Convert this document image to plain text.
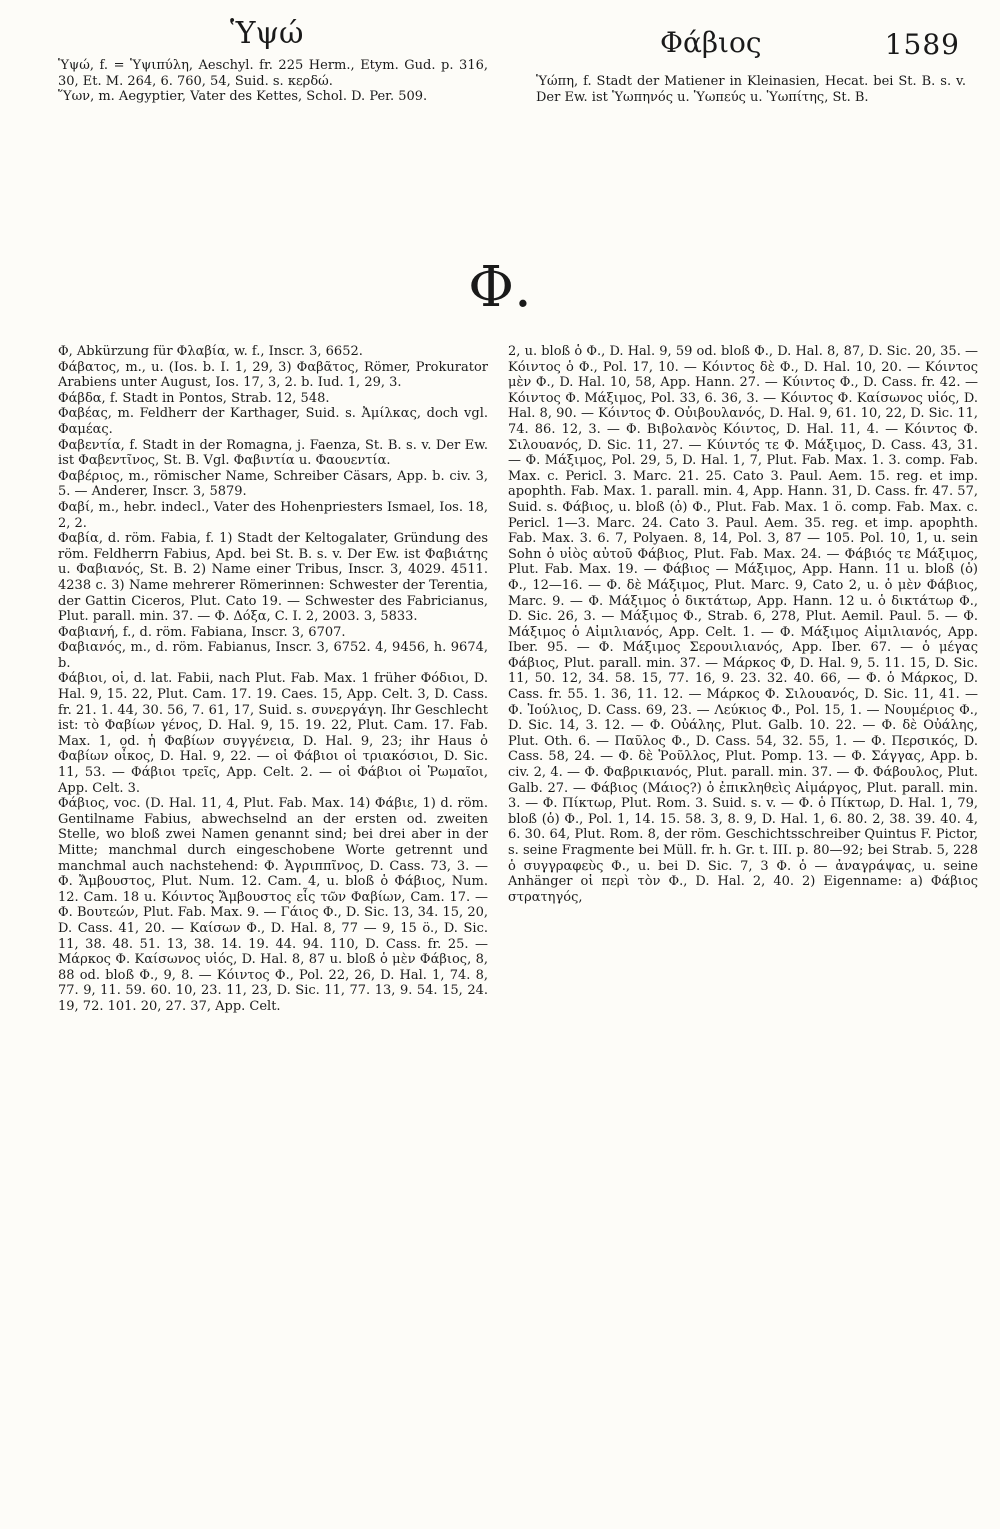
Ὑψώ	Φάβιος	1589

Ὑψώ, f. = Ὑψιπύλη, Aeschyl. fr. 225 Herm., Etym. Gud. p. 316, 30, Et. M. 264, 6. 760, 54, Suid. s. κερδώ.

Ὕων, m. Aegyptier, Vater des Kettes, Schol. D. Per. 509.

Ὑώπη, f. Stadt der Matiener in Kleinasien, Hecat. bei St. B. s. v. Der Ew. ist Ὑωπηνός u. Ὑωπεύς u. Ὑωπίτης, St. B.

Φ.

Φ, Abkürzung für Φλαβία, w. f., Inscr. 3, 6652.

Φάβατος, m., u. (Ios. b. I. 1, 29, 3) Φαβᾶτος, Römer, Prokurator Arabiens unter August, Ios. 17, 3, 2. b. Iud. 1, 29, 3.

Φάβδα, f. Stadt in Pontos, Strab. 12, 548.

Φαβέας, m. Feldherr der Karthager, Suid. s. Ἀμίλκας, doch vgl. Φαμέας.

Φαβεντία, f. Stadt in der Romagna, j. Faenza, St. B. s. v. Der Ew. ist Φαβεντῖνος, St. B. Vgl. Φαβιντία u. Φαουεντία.

Φαβέριος, m., römischer Name, Schreiber Cäsars, App. b. civ. 3, 5. — Anderer, Inscr. 3, 5879.

Φαβί, m., hebr. indecl., Vater des Hohenpriesters Ismael, Ios. 18, 2, 2.

Φαβία, d. röm. Fabia, f. 1) Stadt der Keltogalater, Gründung des röm. Feldherrn Fabius, Apd. bei St. B. s. v. Der Ew. ist Φαβιάτης u. Φαβιανός, St. B. 2) Name einer Tribus, Inscr. 3, 4029. 4511. 4238 c. 3) Name mehrerer Römerinnen: Schwester der Terentia, der Gattin Ciceros, Plut. Cato 19. — Schwester des Fabricianus, Plut. parall. min. 37. — Φ. Δόξα, C. I. 2, 2003. 3, 5833.

Φαβιανή, f., d. röm. Fabiana, Inscr. 3, 6707.

Φαβιανός, m., d. röm. Fabianus, Inscr. 3, 6752. 4, 9456, h. 9674, b.

Φάβιοι, οἱ, d. lat. Fabii, nach Plut. Fab. Max. 1 früher Φόδιοι, D. Hal. 9, 15. 22, Plut. Cam. 17. 19. Caes. 15, App. Celt. 3, D. Cass. fr. 21. 1. 44, 30. 56, 7. 61, 17, Suid. s. συνεργάγη. Ihr Geschlecht ist: τὸ Φαβίων γένος, D. Hal. 9, 15. 19. 22, Plut. Cam. 17. Fab. Max. 1, od. ἡ Φαβίων συγγένεια, D. Hal. 9, 23; ihr Haus ὁ Φαβίων οἶκος, D. Hal. 9, 22. — οἱ Φάβιοι οἱ τριακόσιοι, D. Sic. 11, 53. — Φάβιοι τρεῖς, App. Celt. 2. — οἱ Φάβιοι οἱ Ῥωμαῖοι, App. Celt. 3.

Φάβιος, voc. (D. Hal. 11, 4, Plut. Fab. Max. 14) Φάβιε, 1) d. röm. Gentilname Fabius, abwechselnd an der ersten od. zweiten Stelle, wo bloß zwei Namen genannt sind; bei drei aber in der Mitte; manchmal durch eingeschobene Worte getrennt und manchmal auch nachstehend: Φ. Ἀγριππῖνος, D. Cass. 73, 3. — Φ. Ἄμβουστος, Plut. Num. 12. Cam. 4, u. bloß ὁ Φάβιος, Num. 12. Cam. 18 u. Κόιντος Ἄμβουστος εἷς τῶν Φαβίων, Cam. 17. — Φ. Βουτεών, Plut. Fab. Max. 9. — Γάιος Φ., D. Sic. 13, 34. 15, 20, D. Cass. 41, 20. — Καίσων Φ., D. Hal. 8, 77 — 9, 15 ö., D. Sic. 11, 38. 48. 51. 13, 38. 14. 19. 44. 94. 110, D. Cass. fr. 25. — Μάρκος Φ. Καίσωνος υἱός, D. Hal. 8, 87 u. bloß ὁ μὲν Φάβιος, 8, 88 od. bloß Φ., 9, 8. — Κόιντος Φ., Pol. 22, 26, D. Hal. 1, 74. 8, 77. 9, 11. 59. 60. 10, 23. 11, 23, D. Sic. 11, 77. 13, 9. 54. 15, 24. 19, 72. 101. 20, 27. 37, App. Celt.

2, u. bloß ὁ Φ., D. Hal. 9, 59 od. bloß Φ., D. Hal. 8, 87, D. Sic. 20, 35. — Κόιντος ὁ Φ., Pol. 17, 10. — Κόιντος δὲ Φ., D. Hal. 10, 20. — Κόιντος μὲν Φ., D. Hal. 10, 58, App. Hann. 27. — Κύιντος Φ., D. Cass. fr. 42. — Κόιντος Φ. Μάξιμος, Pol. 33, 6. 36, 3. — Κόιντος Φ. Καίσωνος υἱός, D. Hal. 8, 90. — Κόιντος Φ. Οὐιβουλανός, D. Hal. 9, 61. 10, 22, D. Sic. 11, 74. 86. 12, 3. — Φ. Βιβολανὸς Κόιντος, D. Hal. 11, 4. — Κόιντος Φ. Σιλουανός, D. Sic. 11, 27. — Κύιντός τε Φ. Μάξιμος, D. Cass. 43, 31. — Φ. Μάξιμος, Pol. 29, 5, D. Hal. 1, 7, Plut. Fab. Max. 1. 3. comp. Fab. Max. c. Pericl. 3. Marc. 21. 25. Cato 3. Paul. Aem. 15. reg. et imp. apophth. Fab. Max. 1. parall. min. 4, App. Hann. 31, D. Cass. fr. 47. 57, Suid. s. Φάβιος, u. bloß (ὁ) Φ., Plut. Fab. Max. 1 ö. comp. Fab. Max. c. Pericl. 1—3. Marc. 24. Cato 3. Paul. Aem. 35. reg. et imp. apophth. Fab. Max. 3. 6. 7, Polyaen. 8, 14, Pol. 3, 87 — 105. Pol. 10, 1, u. sein Sohn ὁ υἱὸς αὐτοῦ Φάβιος, Plut. Fab. Max. 24. — Φάβιός τε Μάξιμος, Plut. Fab. Max. 19. — Φάβιος — Μάξιμος, App. Hann. 11 u. bloß (ὁ) Φ., 12—16. — Φ. δὲ Μάξιμος, Plut. Marc. 9, Cato 2, u. ὁ μὲν Φάβιος, Marc. 9. — Φ. Μάξιμος ὁ δικτάτωρ, App. Hann. 12 u. ὁ δικτάτωρ Φ., D. Sic. 26, 3. — Μάξιμος Φ., Strab. 6, 278, Plut. Aemil. Paul. 5. — Φ. Μάξιμος ὁ Αἰμιλιανός, App. Celt. 1. — Φ. Μάξιμος Αἰμιλιανός, App. Iber. 95. — Φ. Μάξιμος Σερουιλιανός, App. Iber. 67. — ὁ μέγας Φάβιος, Plut. parall. min. 37. — Μάρκος Φ, D. Hal. 9, 5. 11. 15, D. Sic. 11, 50. 12, 34. 58. 15, 77. 16, 9. 23. 32. 40. 66, — Φ. ὁ Μάρκος, D. Cass. fr. 55. 1. 36, 11. 12. — Μάρκος Φ. Σιλουανός, D. Sic. 11, 41. — Φ. Ἰούλιος, D. Cass. 69, 23. — Λεύκιος Φ., Pol. 15, 1. — Νουμέριος Φ., D. Sic. 14, 3. 12. — Φ. Οὐάλης, Plut. Galb. 10. 22. — Φ. δὲ Οὐάλης, Plut. Oth. 6. — Παῦλος Φ., D. Cass. 54, 32. 55, 1. — Φ. Περσικός, D. Cass. 58, 24. — Φ. δὲ Ῥοῦλλος, Plut. Pomp. 13. — Φ. Σάγγας, App. b. civ. 2, 4. — Φ. Φαβρικιανός, Plut. parall. min. 37. — Φ. Φάβουλος, Plut. Galb. 27. — Φάβιος (Μάιος?) ὁ ἐπικληθεὶς Αἰμάργος, Plut. parall. min. 3. — Φ. Πίκτωρ, Plut. Rom. 3. Suid. s. v. — Φ. ὁ Πίκτωρ, D. Hal. 1, 79, bloß (ὁ) Φ., Pol. 1, 14. 15. 58. 3, 8. 9, D. Hal. 1, 6. 80. 2, 38. 39. 40. 4, 6. 30. 64, Plut. Rom. 8, der röm. Geschichtsschreiber Quintus F. Pictor, s. seine Fragmente bei Müll. fr. h. Gr. t. III. p. 80—92; bei Strab. 5, 228 ὁ συγγραφεὺς Φ., u. bei D. Sic. 7, 3 Φ. ὁ — ἀναγράψας, u. seine Anhänger οἱ περὶ τὸν Φ., D. Hal. 2, 40. 2) Eigenname: a) Φάβιος στρατηγός,
